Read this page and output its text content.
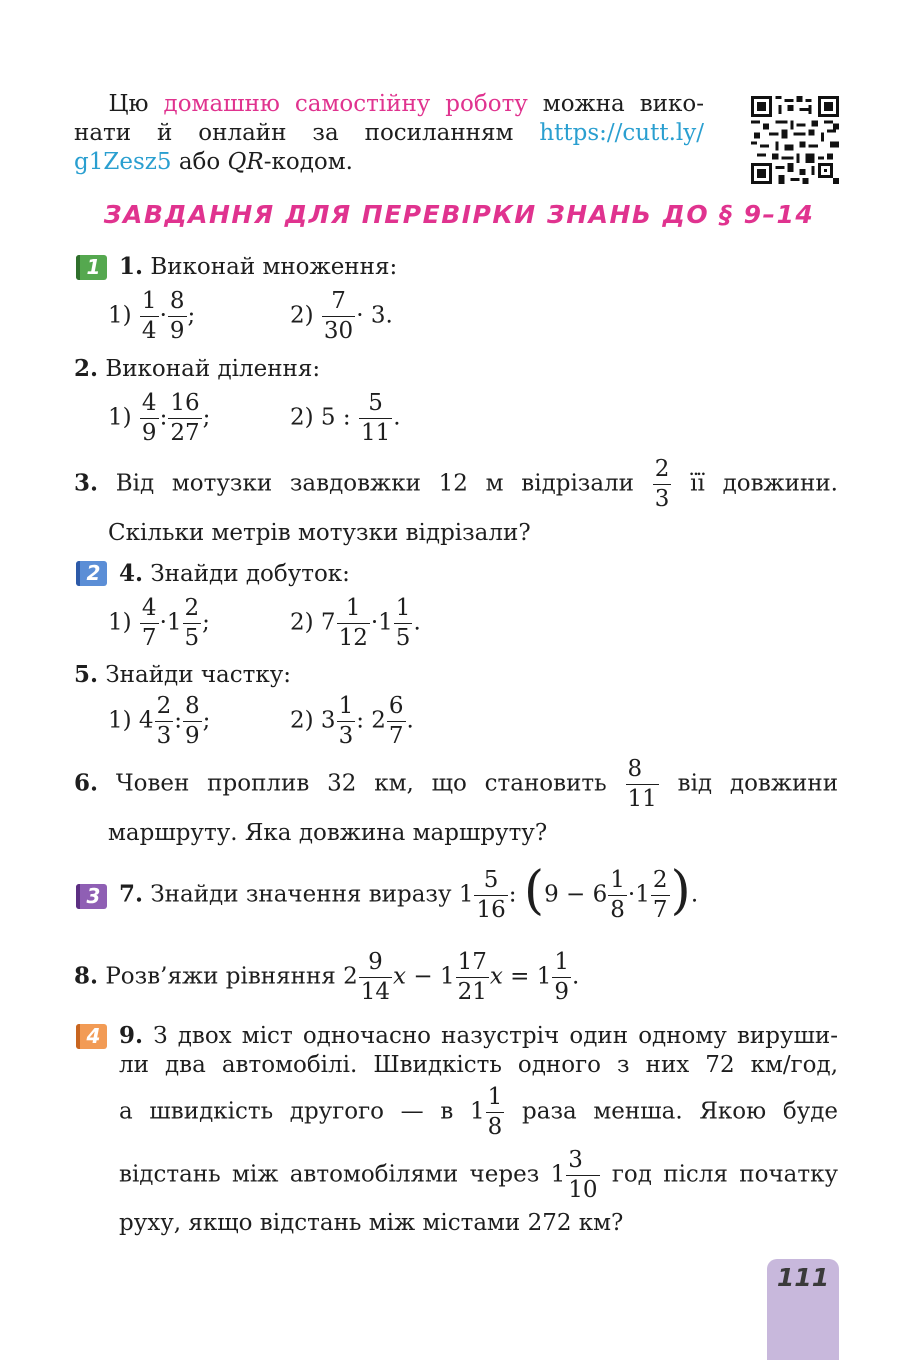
  Цю домашню самостійну роботу можна вико-
нати й онлайн за посиланням https://cutt.ly/
g1Zesz5 або QR-кодом.
ЗАВДАННЯ ДЛЯ ПЕРЕВІРКИ ЗНАНЬ ДО § 9–14
1
2
3
4
1. Виконай множення:
$1) \frac{1}{4} \cdot \frac{8}{9}$ ;	$2) \frac{7}{30} \cdot 3$.
2. Виконай ділення:
$1) \frac{4}{9}$ : $\frac{16}{27}$ ;	2) 5 : $\frac{5}{11}$ .
3. Від мотузки завдовжки 12 м відрізали $\frac{2}{3}$ її довжини.
Скільки метрів мотузки відрізали?
4. Знайди добуток:
$1) \frac{4}{7} \cdot 1 \frac{2}{5}$ ;	2) $7 \frac{1}{12} \cdot 1 \frac{1}{5}$ .
5. Знайди частку:
1) $4 \frac{2}{3}$ : $\frac{8}{9}$ ;	2) $3 \frac{1}{3}$ : $2 \frac{6}{7}$ .
6. Човен проплив 32 км, що становить $\frac{8}{11}$ від довжини
маршруту. Яка довжина маршруту?
7. Знайди значення виразу $1 \frac{5}{16}$ : ($9 - 6 \frac{1}{8} \cdot 1 \frac{2}{7}$ ).
8. Розв’яжи рівняння $2 \frac{9}{14}$ $x - 1 \frac{17}{21}$ $x = 1 \frac{1}{9}$ .
9. З двох міст одночасно назустріч один одному вируши-
ли два автомобілі. Швидкість одного з них 72 км/год,
а швидкість другого — в $1 \frac{1}{8}$ раза менша. Якою буде
відстань між автомобілями через $1 \frac{3}{10}$ год після початку
руху, якщо відстань між містами 272 км?
111
